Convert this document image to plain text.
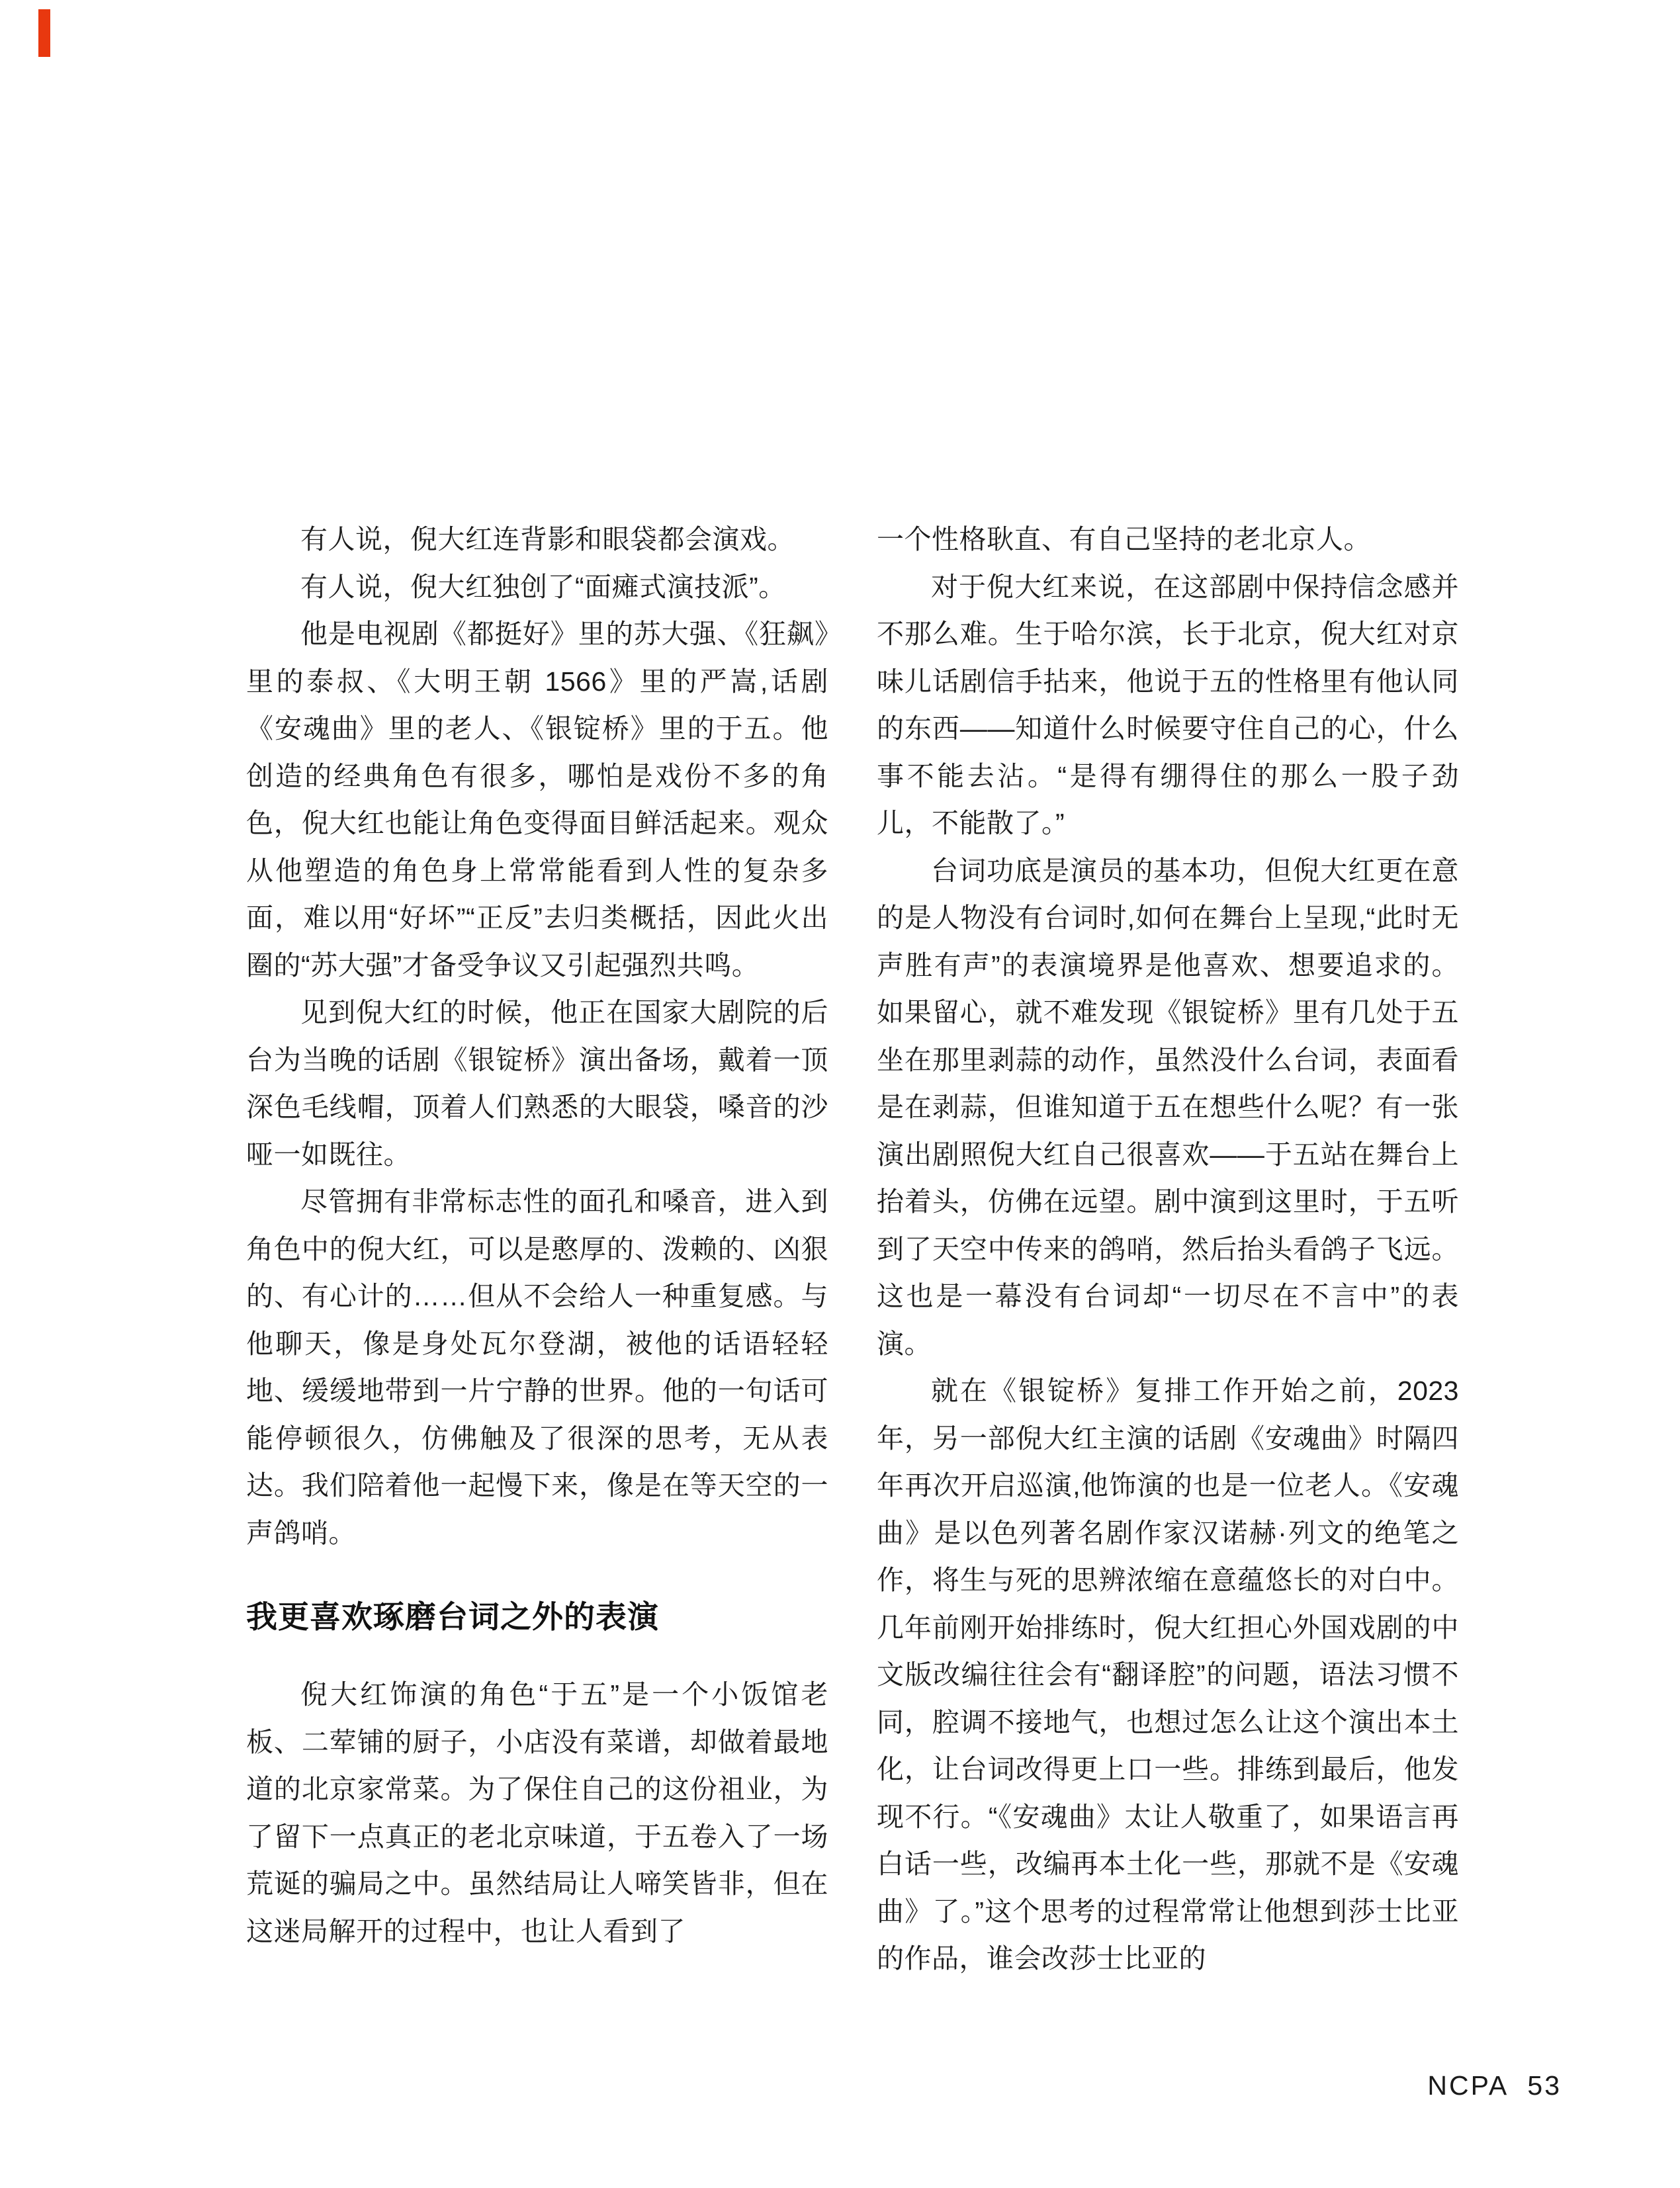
有人说，倪大红连背影和眼袋都会演戏。

有人说，倪大红独创了“面瘫式演技派”。

他是电视剧《都挺好》里的苏大强、《狂飙》里的泰叔、《大明王朝 1566》里的严嵩,话剧《安魂曲》里的老人、《银锭桥》里的于五。他创造的经典角色有很多，哪怕是戏份不多的角色，倪大红也能让角色变得面目鲜活起来。观众从他塑造的角色身上常常能看到人性的复杂多面，难以用“好坏”“正反”去归类概括，因此火出圈的“苏大强”才备受争议又引起强烈共鸣。

见到倪大红的时候，他正在国家大剧院的后台为当晚的话剧《银锭桥》演出备场，戴着一顶深色毛线帽，顶着人们熟悉的大眼袋，嗓音的沙哑一如既往。

尽管拥有非常标志性的面孔和嗓音，进入到角色中的倪大红，可以是憨厚的、泼赖的、凶狠的、有心计的……但从不会给人一种重复感。与他聊天，像是身处瓦尔登湖，被他的话语轻轻地、缓缓地带到一片宁静的世界。他的一句话可能停顿很久，仿佛触及了很深的思考，无从表达。我们陪着他一起慢下来，像是在等天空的一声鸽哨。

我更喜欢琢磨台词之外的表演

倪大红饰演的角色“于五”是一个小饭馆老板、二荤铺的厨子，小店没有菜谱，却做着最地道的北京家常菜。为了保住自己的这份祖业，为了留下一点真正的老北京味道，于五卷入了一场荒诞的骗局之中。虽然结局让人啼笑皆非，但在这迷局解开的过程中，也让人看到了

一个性格耿直、有自己坚持的老北京人。

对于倪大红来说，在这部剧中保持信念感并不那么难。生于哈尔滨，长于北京，倪大红对京味儿话剧信手拈来，他说于五的性格里有他认同的东西——知道什么时候要守住自己的心，什么事不能去沾。“是得有绷得住的那么一股子劲儿，不能散了。”

台词功底是演员的基本功，但倪大红更在意的是人物没有台词时,如何在舞台上呈现,“此时无声胜有声”的表演境界是他喜欢、想要追求的。如果留心，就不难发现《银锭桥》里有几处于五坐在那里剥蒜的动作，虽然没什么台词，表面看是在剥蒜，但谁知道于五在想些什么呢？有一张演出剧照倪大红自己很喜欢——于五站在舞台上抬着头，仿佛在远望。剧中演到这里时，于五听到了天空中传来的鸽哨，然后抬头看鸽子飞远。这也是一幕没有台词却“一切尽在不言中”的表演。

就在《银锭桥》复排工作开始之前，2023 年，另一部倪大红主演的话剧《安魂曲》时隔四年再次开启巡演,他饰演的也是一位老人。《安魂曲》是以色列著名剧作家汉诺赫·列文的绝笔之作，将生与死的思辨浓缩在意蕴悠长的对白中。几年前刚开始排练时，倪大红担心外国戏剧的中文版改编往往会有“翻译腔”的问题，语法习惯不同，腔调不接地气，也想过怎么让这个演出本土化，让台词改得更上口一些。排练到最后，他发现不行。“《安魂曲》太让人敬重了，如果语言再白话一些，改编再本土化一些，那就不是《安魂曲》了。”这个思考的过程常常让他想到莎士比亚的作品，谁会改莎士比亚的

NCPA 53
